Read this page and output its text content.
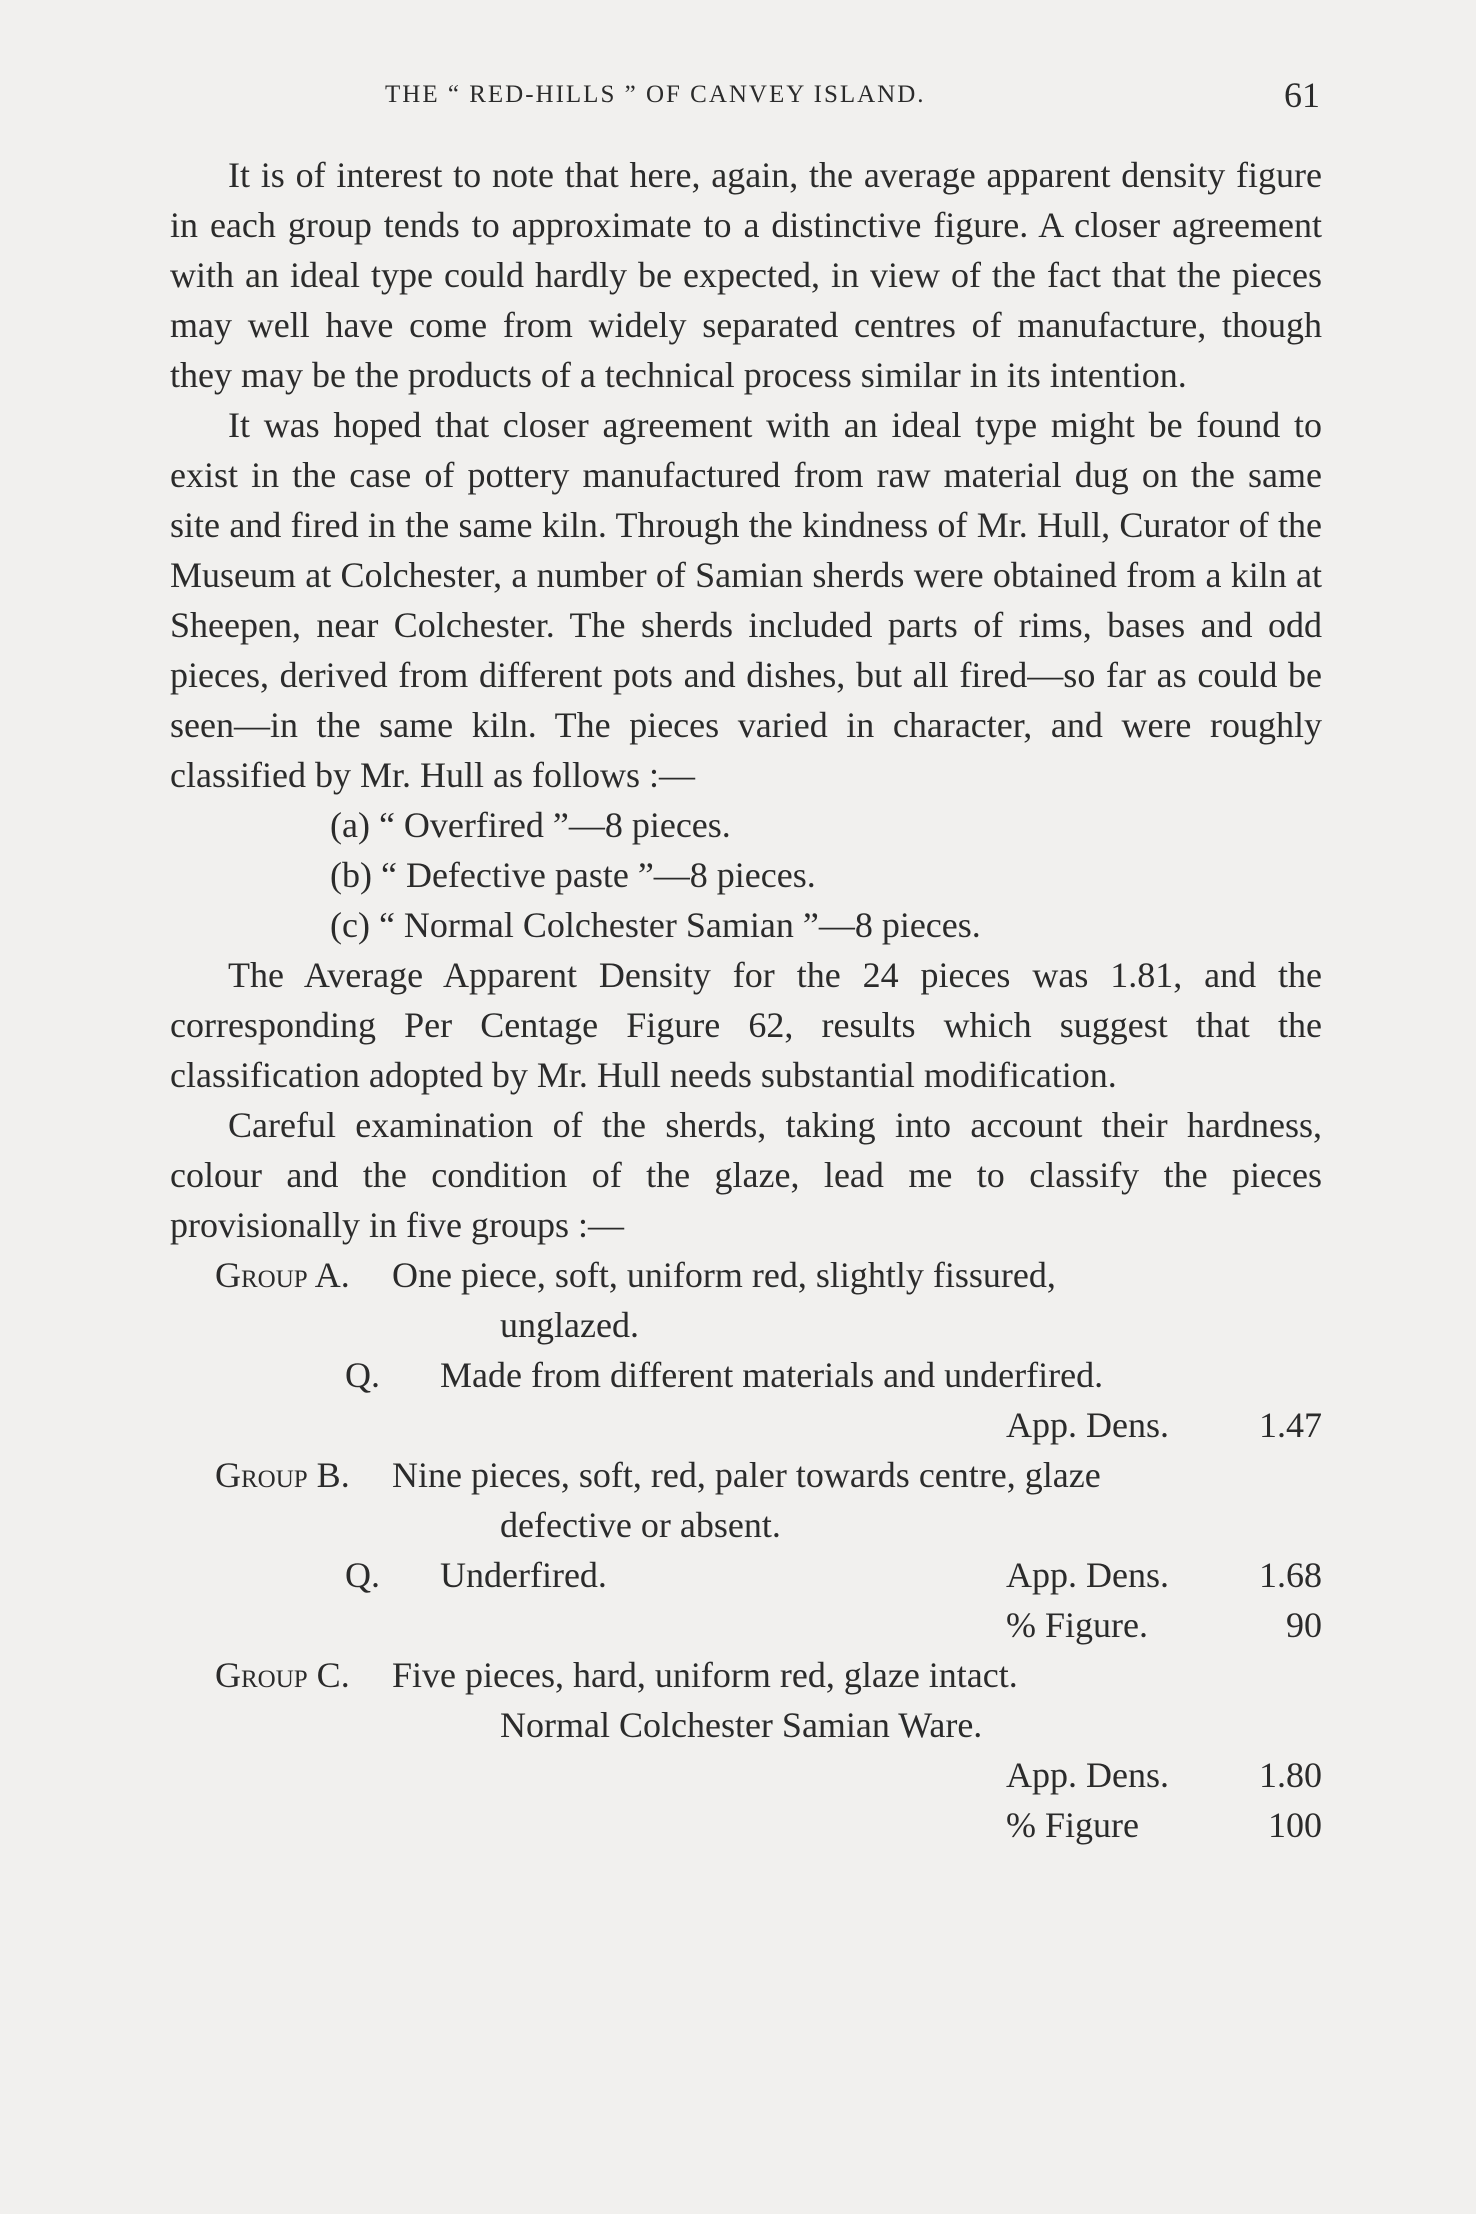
THE “ RED-HILLS ” OF CANVEY ISLAND.	61

It is of interest to note that here, again, the average apparent density figure in each group tends to approximate to a distinctive figure. A closer agreement with an ideal type could hardly be expected, in view of the fact that the pieces may well have come from widely separated centres of manufacture, though they may be the products of a technical process similar in its intention.

It was hoped that closer agreement with an ideal type might be found to exist in the case of pottery manufactured from raw material dug on the same site and fired in the same kiln. Through the kindness of Mr. Hull, Curator of the Museum at Colchester, a number of Samian sherds were obtained from a kiln at Sheepen, near Colchester. The sherds included parts of rims, bases and odd pieces, derived from different pots and dishes, but all fired—so far as could be seen—in the same kiln. The pieces varied in character, and were roughly classified by Mr. Hull as follows :—

(a) “ Overfired ”—8 pieces.
(b) “ Defective paste ”—8 pieces.
(c) “ Normal Colchester Samian ”—8 pieces.

The Average Apparent Density for the 24 pieces was 1.81, and the corresponding Per Centage Figure 62, results which suggest that the classification adopted by Mr. Hull needs substantial modification.

Careful examination of the sherds, taking into account their hardness, colour and the condition of the glaze, lead me to classify the pieces provisionally in five groups :—

Group A. One piece, soft, uniform red, slightly fissured,
unglazed.
Q. Made from different materials and underfired.
App. Dens.	1.47
Group B. Nine pieces, soft, red, paler towards centre, glaze
defective or absent.
Q. Underfired.	App. Dens.	1.68
% Figure.	90
Group C. Five pieces, hard, uniform red, glaze intact.
Normal Colchester Samian Ware.
App. Dens.	1.80
% Figure	100
